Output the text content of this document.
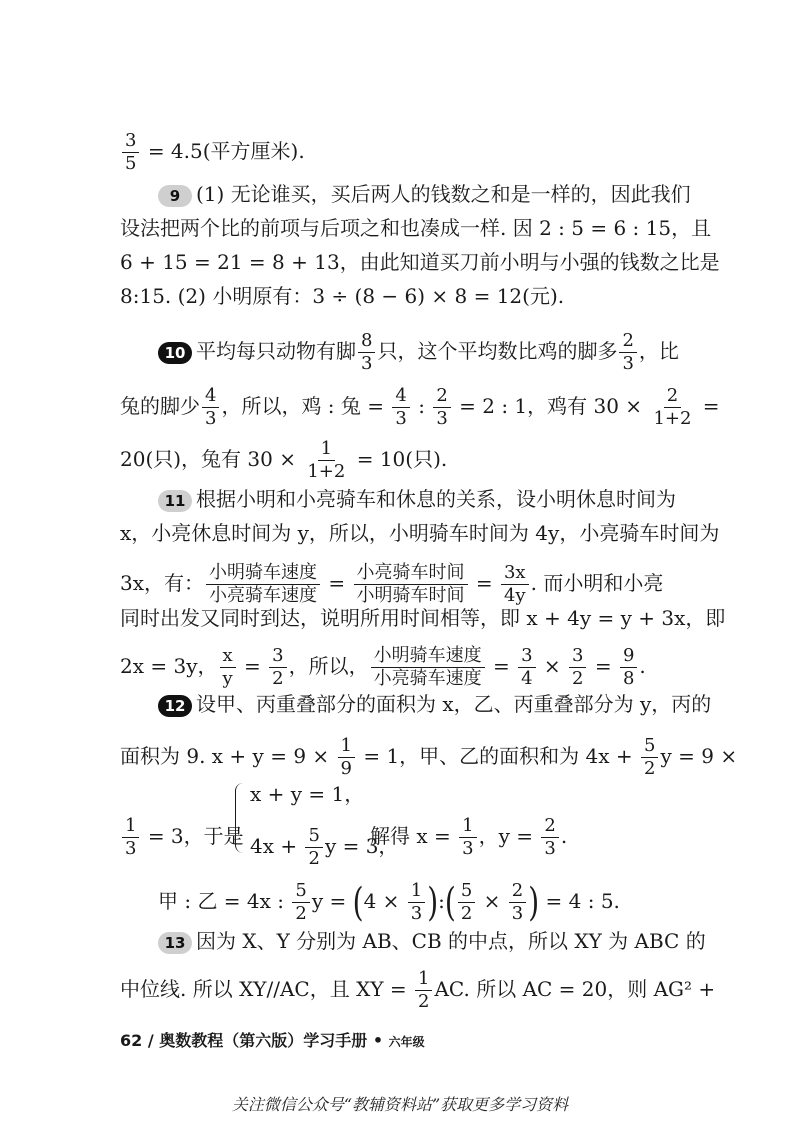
$\frac{3}{5} = 4.5$(平方厘米).
9 (1) 无论谁买，买后两人的钱数之和是一样的，因此我们
设法把两个比的前项与后项之和也凑成一样. 因 2 : 5 = 6 : 15，且
6 + 15 = 21 = 8 + 13，由此知道买刀前小明与小强的钱数之比是
8:15. (2) 小明原有：3 ÷ (8 − 6) × 8 = 12(元).
10 平均每只动物有脚 $\frac{8}{3}$ 只，这个平均数比鸡的脚多 $\frac{2}{3}$ ，比
兔的脚少 $\frac{4}{3}$ ，所以，鸡 : 兔 = $\frac{4}{3}$ : $\frac{2}{3} = 2$ : 1，鸡有 $30 \times \frac{2}{1+2}$ =
20(只)，兔有 $30 \times \frac{1}{1+2} = 10$(只).
11 根据小明和小亮骑车和休息的关系，设小明休息时间为
x，小亮休息时间为 y，所以，小明骑车时间为 4y，小亮骑车时间为
3x，有： $\frac{\text{小明骑车速度}}{\text{小亮骑车速度}} = \frac{\text{小亮骑车时间}}{\text{小明骑车时间}} = \frac{3x}{4y}$ . 而小明和小亮
同时出发又同时到达，说明所用时间相等，即 x + 4y = y + 3x，即
2x = 3y， $\frac{x}{y} = \frac{3}{2}$ ，所以， $\frac{\text{小明骑车速度}}{\text{小亮骑车速度}} = \frac{3}{4} \times \frac{3}{2} = \frac{9}{8}$ .
12 设甲、丙重叠部分的面积为 x，乙、丙重叠部分为 y，丙的
面积为 9. $x + y = 9 \times \frac{1}{9} = 1$，甲、乙的面积和为 $4x + \frac{5}{2}$ y = 9 ×
x + y = 1，
$\frac{1}{3} = 3$，于是	解得 $x = \frac{1}{3}$ ，$y = \frac{2}{3}$ .
$4x + \frac{5}{2}$ y = 3，
甲 : 乙 = 4x : $\frac{5}{2}$ $y = (4 \times \frac{1}{3}$ ):( $\frac{5}{2} \times \frac{2}{3}$ ) = 4 : 5.
13 因为 X、Y 分别为 AB、CB 的中点，所以 XY 为 ABC 的
中位线. 所以 XY//AC，且 XY = $\frac{1}{2}$ AC. 所以 AC = 20，则 AG² +
62 / 奥数教程（第六版）学习手册 • 六年级
关注微信公众号“教辅资料站”获取更多学习资料
